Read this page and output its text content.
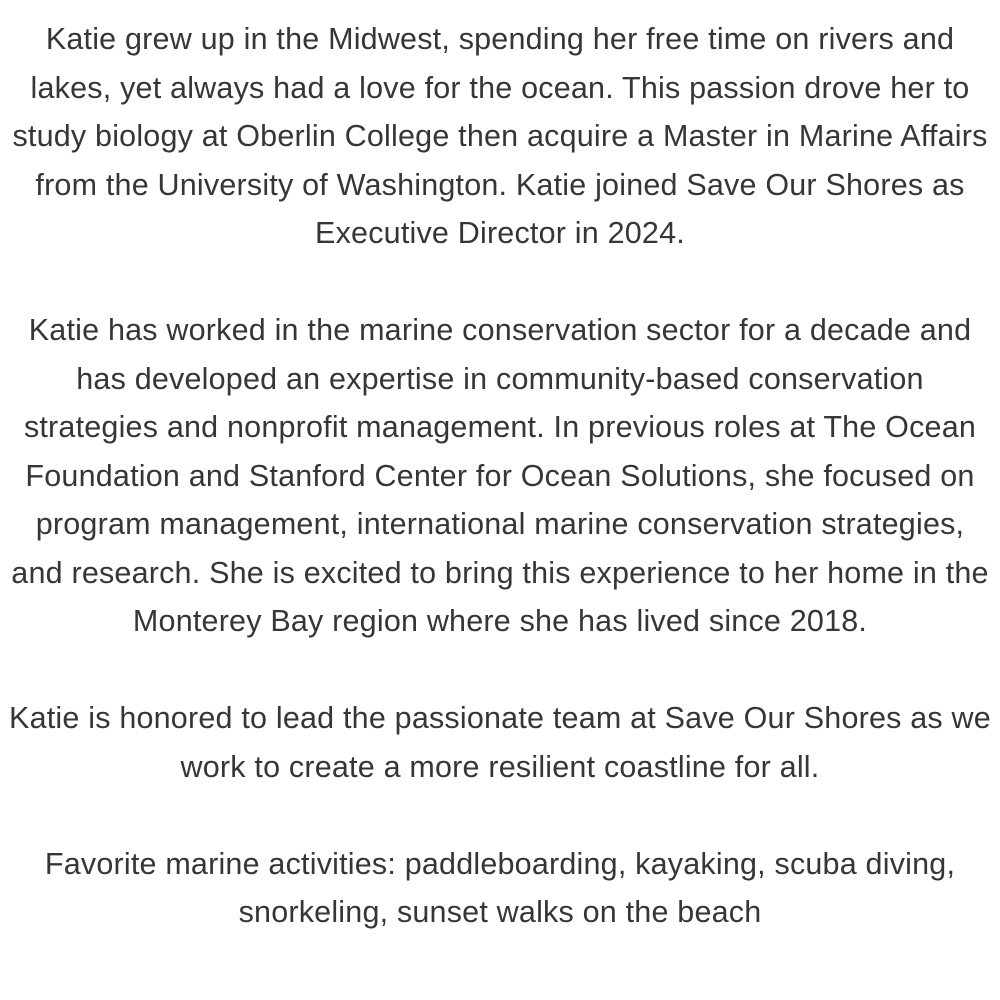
Katie grew up in the Midwest, spending her free time on rivers and lakes, yet always had a love for the ocean. This passion drove her to study biology at Oberlin College then acquire a Master in Marine Affairs from the University of Washington. Katie joined Save Our Shores as Executive Director in 2024.

Katie has worked in the marine conservation sector for a decade and has developed an expertise in community-based conservation strategies and nonprofit management. In previous roles at The Ocean Foundation and Stanford Center for Ocean Solutions, she focused on program management, international marine conservation strategies, and research. She is excited to bring this experience to her home in the Monterey Bay region where she has lived since 2018.

Katie is honored to lead the passionate team at Save Our Shores as we work to create a more resilient coastline for all.

Favorite marine activities: paddleboarding, kayaking, scuba diving, snorkeling, sunset walks on the beach
